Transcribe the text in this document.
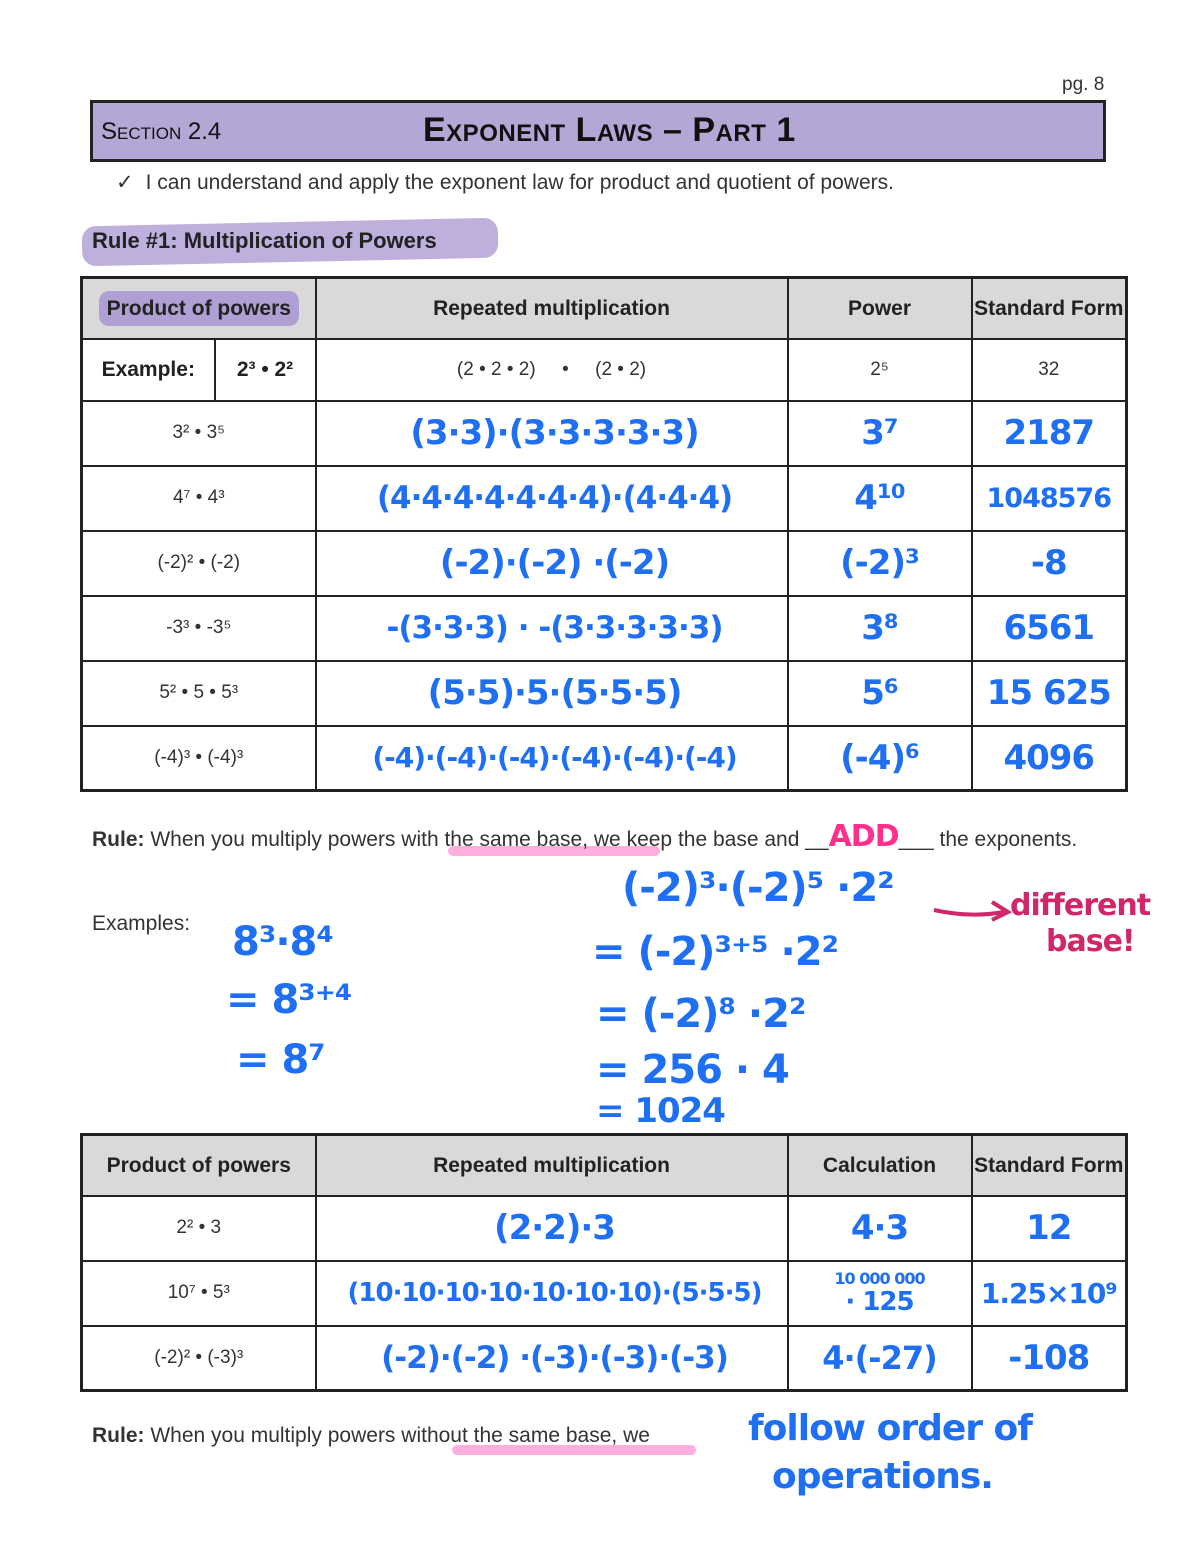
pg. 8
Section 2.4	Exponent Laws – Part 1
✓ I can understand and apply the exponent law for product and quotient of powers.
Rule #1: Multiplication of Powers
Product of powers		Repeated multiplication	Power	Standard Form
Example:	2³ • 2²	(2 • 2 • 2)     •     (2 • 2)	2⁵	32
3² • 3⁵		(3·3)·(3·3·3·3·3)	3⁷	2187
4⁷ • 4³		(4·4·4·4·4·4·4)·(4·4·4)	4¹⁰	1048576
(-2)² • (-2)		(-2)·(-2) ·(-2)	(-2)³	-8
-3³ • -3⁵		-(3·3·3) · -(3·3·3·3·3)	3⁸	6561
5² • 5 • 5³		(5·5)·5·(5·5·5)	5⁶	15 625
(-4)³ • (-4)³		(-4)·(-4)·(-4)·(-4)·(-4)·(-4)	(-4)⁶	4096
Rule: When you multiply powers with the same base, we keep the base and __ADD___ the exponents.
Examples: 8³·8⁴
= 8³⁺⁴
= 8⁷
(-2)³·(-2)⁵ ·2²
= (-2)³⁺⁵ ·2²
= (-2)⁸ ·2²
= 256 · 4
= 1024
different
base!
Product of powers	Repeated multiplication	Calculation	Standard Form
2² • 3	(2·2)·3	4·3	12
10⁷ • 5³	(10·10·10·10·10·10·10)·(5·5·5)	10 000 000
· 125	1.25×10⁹
(-2)² • (-3)³	(-2)·(-2) ·(-3)·(-3)·(-3)	4·(-27)	-108
Rule: When you multiply powers without the same base, we	follow order of
operations.
